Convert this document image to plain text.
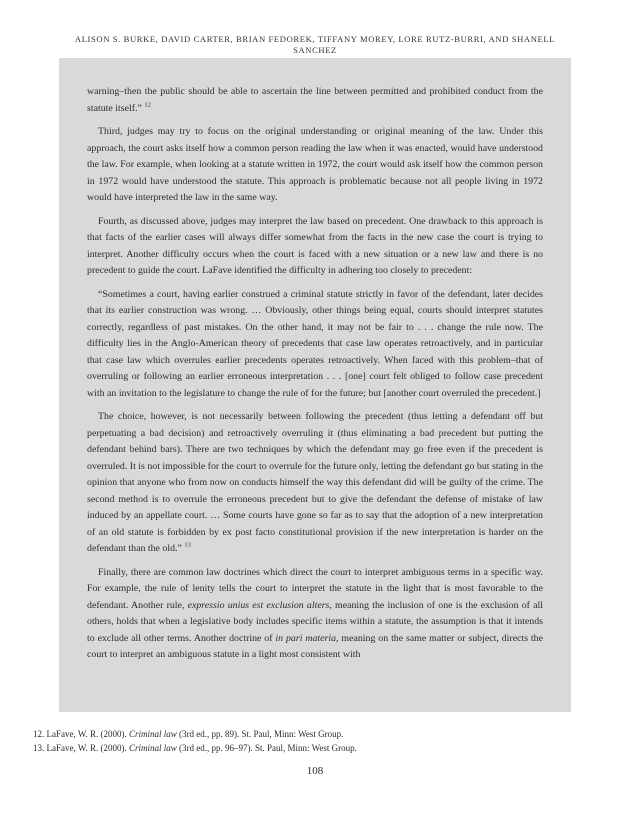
ALISON S. BURKE, DAVID CARTER, BRIAN FEDOREK, TIFFANY MOREY, LORE RUTZ-BURRI, AND SHANELL SANCHEZ

warning–then the public should be able to ascertain the line between permitted and prohibited conduct from the statute itself.” $^{12}$

Third, judges may try to focus on the original understanding or original meaning of the law. Under this approach, the court asks itself how a common person reading the law when it was enacted, would have understood the law. For example, when looking at a statute written in 1972, the court would ask itself how the common person in 1972 would have understood the statute. This approach is problematic because not all people living in 1972 would have interpreted the law in the same way.

Fourth, as discussed above, judges may interpret the law based on precedent. One drawback to this approach is that facts of the earlier cases will always differ somewhat from the facts in the new case the court is trying to interpret. Another difficulty occurs when the court is faced with a new situation or a new law and there is no precedent to guide the court. LaFave identified the difficulty in adhering too closely to precedent:

“Sometimes a court, having earlier construed a criminal statute strictly in favor of the defendant, later decides that its earlier construction was wrong. … Obviously, other things being equal, courts should interpret statutes correctly, regardless of past mistakes. On the other hand, it may not be fair to . . . change the rule now. The difficulty lies in the Anglo-American theory of precedents that case law operates retroactively, and in particular that case law which overrules earlier precedents operates retroactively. When faced with this problem–that of overruling or following an earlier erroneous interpretation . . . [one] court felt obliged to follow case precedent with an invitation to the legislature to change the rule of for the future; but [another court overruled the precedent.]

The choice, however, is not necessarily between following the precedent (thus letting a defendant off but perpetuating a bad decision) and retroactively overruling it (thus eliminating a bad precedent but putting the defendant behind bars). There are two techniques by which the defendant may go free even if the precedent is overruled. It is not impossible for the court to overrule for the future only, letting the defendant go but stating in the opinion that anyone who from now on conducts himself the way this defendant did will be guilty of the crime. The second method is to overrule the erroneous precedent but to give the defendant the defense of mistake of law induced by an appellate court. … Some courts have gone so far as to say that the adoption of a new interpretation of an old statute is forbidden by ex post facto constitutional provision if the new interpretation is harder on the defendant than the old.” $^{13}$

Finally, there are common law doctrines which direct the court to interpret ambiguous terms in a specific way. For example, the rule of lenity tells the court to interpret the statute in the light that is most favorable to the defendant. Another rule, expressio unius est exclusion alters, meaning the inclusion of one is the exclusion of all others, holds that when a legislative body includes specific items within a statute, the assumption is that it intends to exclude all other terms. Another doctrine of in pari materia, meaning on the same matter or subject, directs the court to interpret an ambiguous statute in a light most consistent with

12. LaFave, W. R. (2000). Criminal law (3rd ed., pp. 89). St. Paul, Minn: West Group.
13. LaFave, W. R. (2000). Criminal law (3rd ed., pp. 96–97). St. Paul, Minn: West Group.
108
